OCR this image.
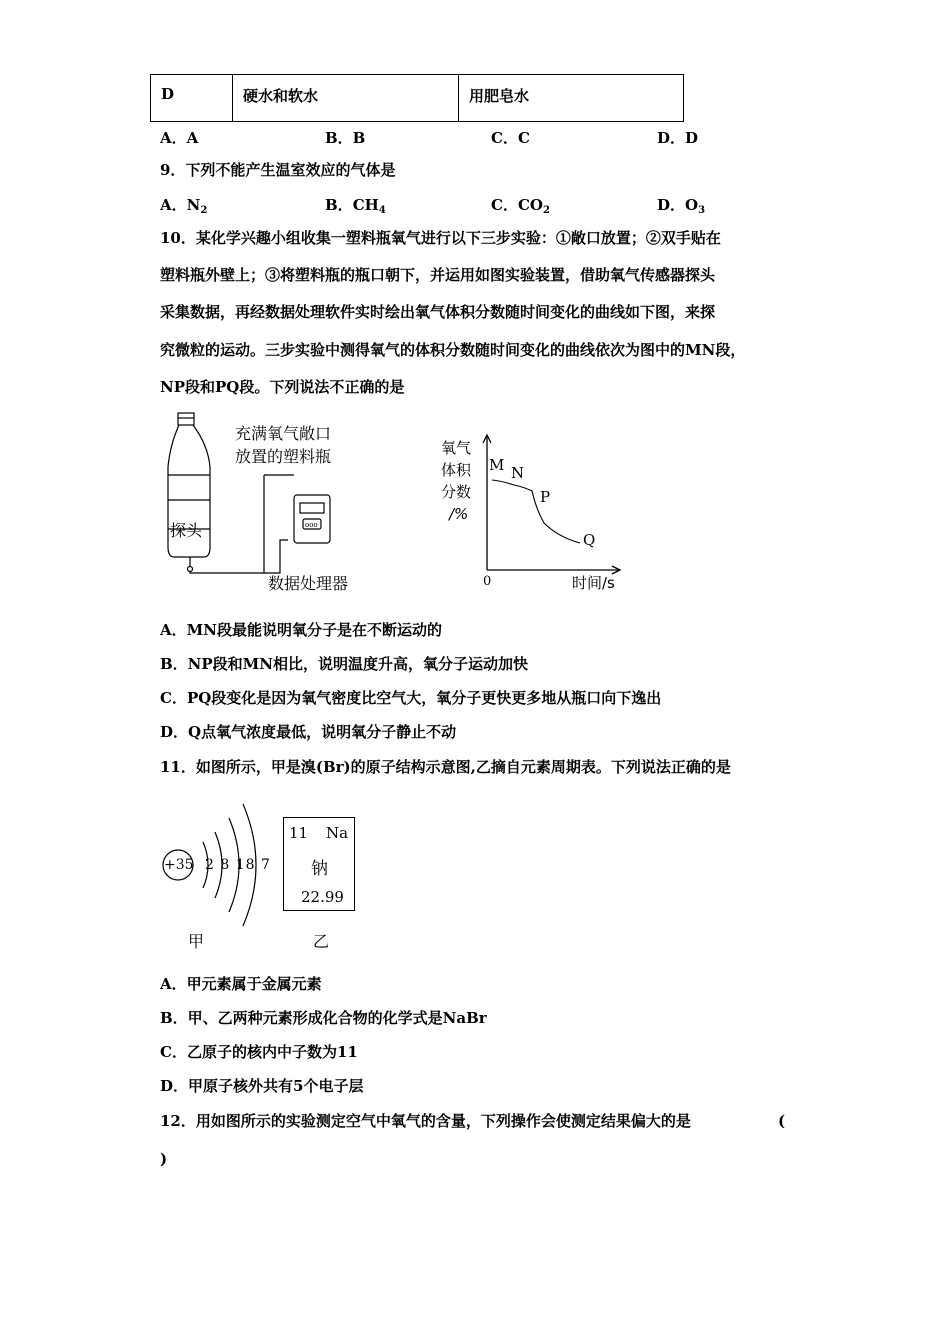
D	硬水和软水	用肥皂水
A．A	B．B	C．C	D．D
9．下列不能产生温室效应的气体是
A．$N_2$	B．$CH_4$	C．$CO_2$	D．$O_3$
10．某化学兴趣小组收集一塑料瓶氧气进行以下三步实验：①敞口放置；②双手贴在
塑料瓶外壁上；③将塑料瓶的瓶口朝下，并运用如图实验装置，借助氧气传感器探头
采集数据，再经数据处理软件实时绘出氧气体积分数随时间变化的曲线如下图，来探
究微粒的运动。三步实验中测得氧气的体积分数随时间变化的曲线依次为图中的MN段，
NP段和PQ段。下列说法不正确的是
ooo
充满氧气敞口
放置的塑料瓶
探头
数据处理器
氧气
体积
分数
/%
M N
P
Q
0	时间/s
A．MN段最能说明氧分子是在不断运动的
B．NP段和MN相比，说明温度升高，氧分子运动加快
C．PQ段变化是因为氧气密度比空气大，氧分子更快更多地从瓶口向下逸出
D．Q点氧气浓度最低，说明氧分子静止不动
11．如图所示，甲是溴(Br)的原子结构示意图,乙摘自元素周期表。下列说法正确的是
+35 2 8 18 7
甲
11 Na
钠
22.99
乙
A．甲元素属于金属元素
B．甲、乙两种元素形成化合物的化学式是NaBr
C．乙原子的核内中子数为11
D．甲原子核外共有5个电子层
12．用如图所示的实验测定空气中氧气的含量，下列操作会使测定结果偏大的是	(
)
